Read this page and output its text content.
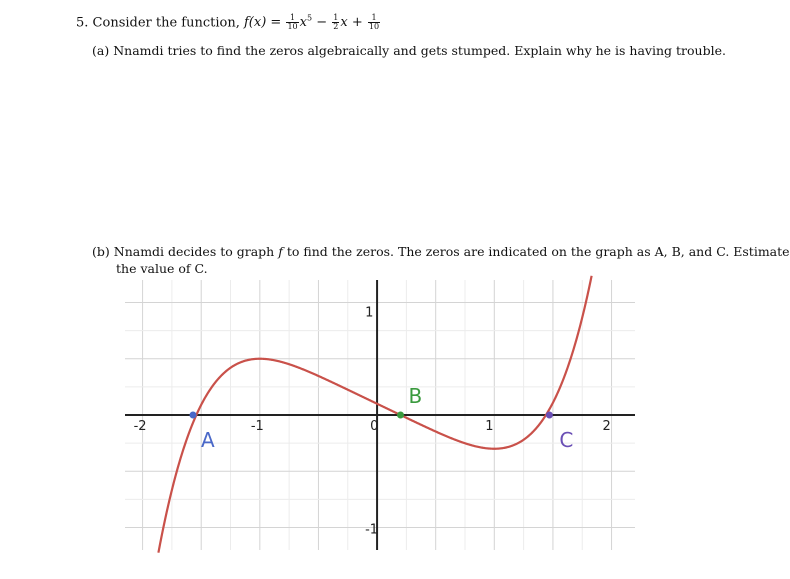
5. Consider the function, $f(x) = \frac{1}{10} x^5 - \frac{1}{2}$ $x + \frac{1}{10}$
(a) Nnamdi tries to find the zeros algebraically and gets stumped. Explain why he is having trouble.
(b) Nnamdi decides to graph f to find the zeros. The zeros are indicated on the graph as A, B, and C. Estimate
the value of C.
-2	-1	0	1	2
1
-1
A
B
C
